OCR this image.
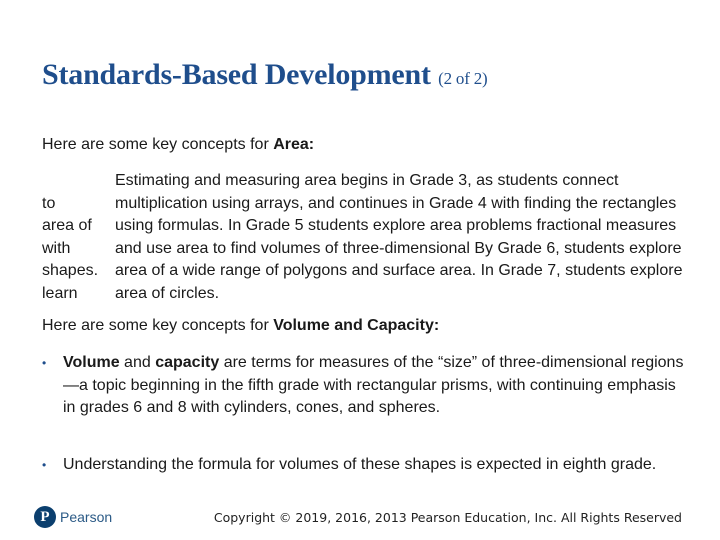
Standards-Based Development (2 of 2)

Here are some key concepts for Area:

to
area of
with
shapes.
learn

Estimating and measuring area begins in Grade 3, as students connect multiplication using arrays, and continues in Grade 4 with finding the rectangles using formulas. In Grade 5 students explore area problems fractional measures and use area to find volumes of three-dimensional By Grade 6, students explore area of a wide range of polygons and surface area. In Grade 7, students explore area of circles.

Here are some key concepts for Volume and Capacity:

• Volume and capacity are terms for measures of the “size” of three-dimensional regions—a topic beginning in the fifth grade with rectangular prisms, with continuing emphasis in grades 6 and 8 with cylinders, cones, and spheres.
• Understanding the formula for volumes of these shapes is expected in eighth grade.
P Pearson	Copyright © 2019, 2016, 2013 Pearson Education, Inc. All Rights Reserved
